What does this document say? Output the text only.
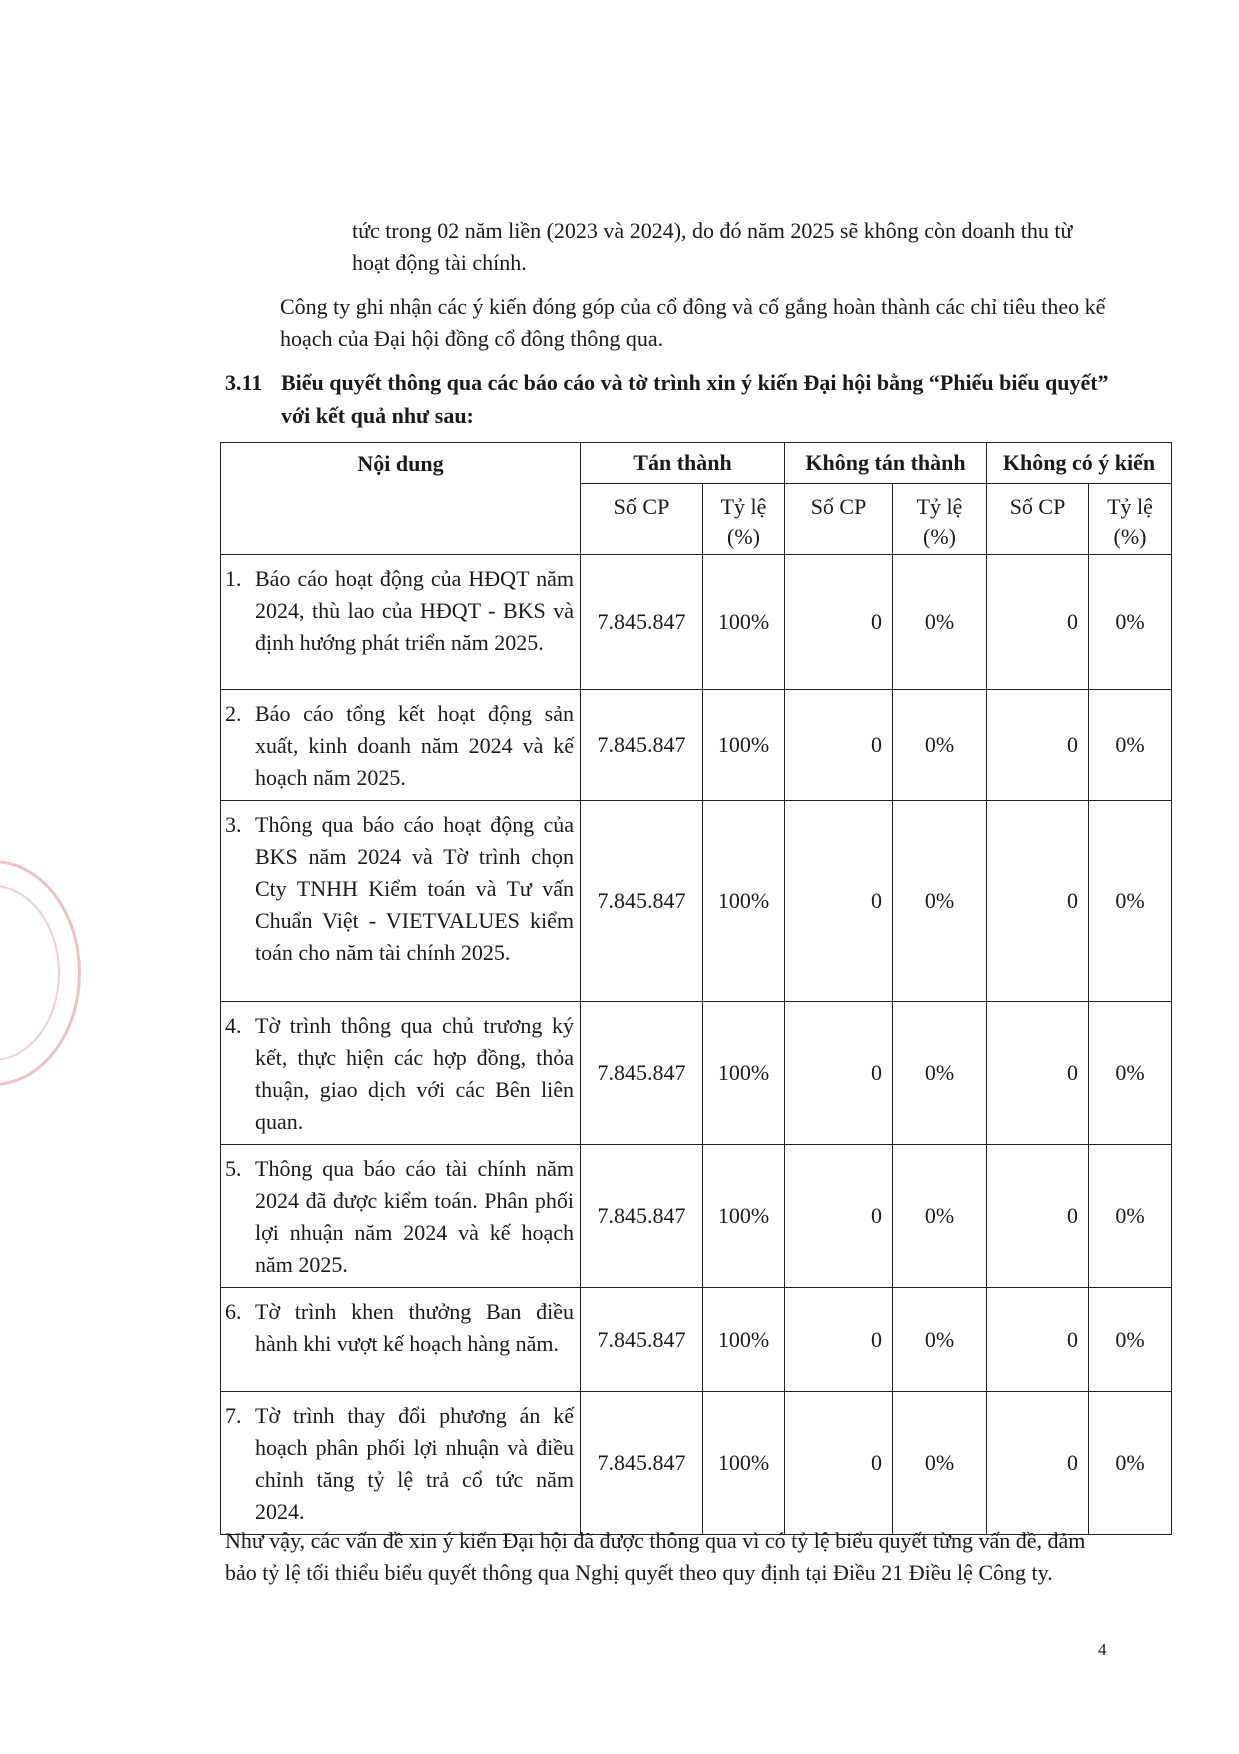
tức trong 02 năm liền (2023 và 2024), do đó năm 2025 sẽ không còn doanh thu từ hoạt động tài chính.
Công ty ghi nhận các ý kiến đóng góp của cổ đông và cố gắng hoàn thành các chỉ tiêu theo kế hoạch của Đại hội đồng cổ đông thông qua.
3.11 Biểu quyết thông qua các báo cáo và tờ trình xin ý kiến Đại hội bằng “Phiếu biểu quyết” với kết quả như sau:
Nội dung	Tán thành		Không tán thành		Không có ý kiến	
	Số CP	Tỷ lệ (%)	Số CP	Tỷ lệ (%)	Số CP	Tỷ lệ (%)

1. Báo cáo hoạt động của HĐQT năm 2024, thù lao của HĐQT - BKS và định hướng phát triển năm 2025.	7.845.847	100%	0	0%	0	0%

2. Báo cáo tổng kết hoạt động sản xuất, kinh doanh năm 2024 và kế hoạch năm 2025.	7.845.847	100%	0	0%	0	0%

3. Thông qua báo cáo hoạt động của BKS năm 2024 và Tờ trình chọn Cty TNHH Kiểm toán và Tư vấn Chuẩn Việt - VIETVALUES kiểm toán cho năm tài chính 2025.	7.845.847	100%	0	0%	0	0%

4. Tờ trình thông qua chủ trương ký kết, thực hiện các hợp đồng, thỏa thuận, giao dịch với các Bên liên quan.	7.845.847	100%	0	0%	0	0%

5. Thông qua báo cáo tài chính năm 2024 đã được kiểm toán. Phân phối lợi nhuận năm 2024 và kế hoạch năm 2025.	7.845.847	100%	0	0%	0	0%

6. Tờ trình khen thưởng Ban điều hành khi vượt kế hoạch hàng năm.	7.845.847	100%	0	0%	0	0%

7. Tờ trình thay đổi phương án kế hoạch phân phối lợi nhuận và điều chỉnh tăng tỷ lệ trả cổ tức năm 2024.	7.845.847	100%	0	0%	0	0%
Như vậy, các vấn đề xin ý kiến Đại hội đã được thông qua vì có tỷ lệ biểu quyết từng vấn đề, đảm bảo tỷ lệ tối thiểu biểu quyết thông qua Nghị quyết theo quy định tại Điều 21 Điều lệ Công ty.
4
